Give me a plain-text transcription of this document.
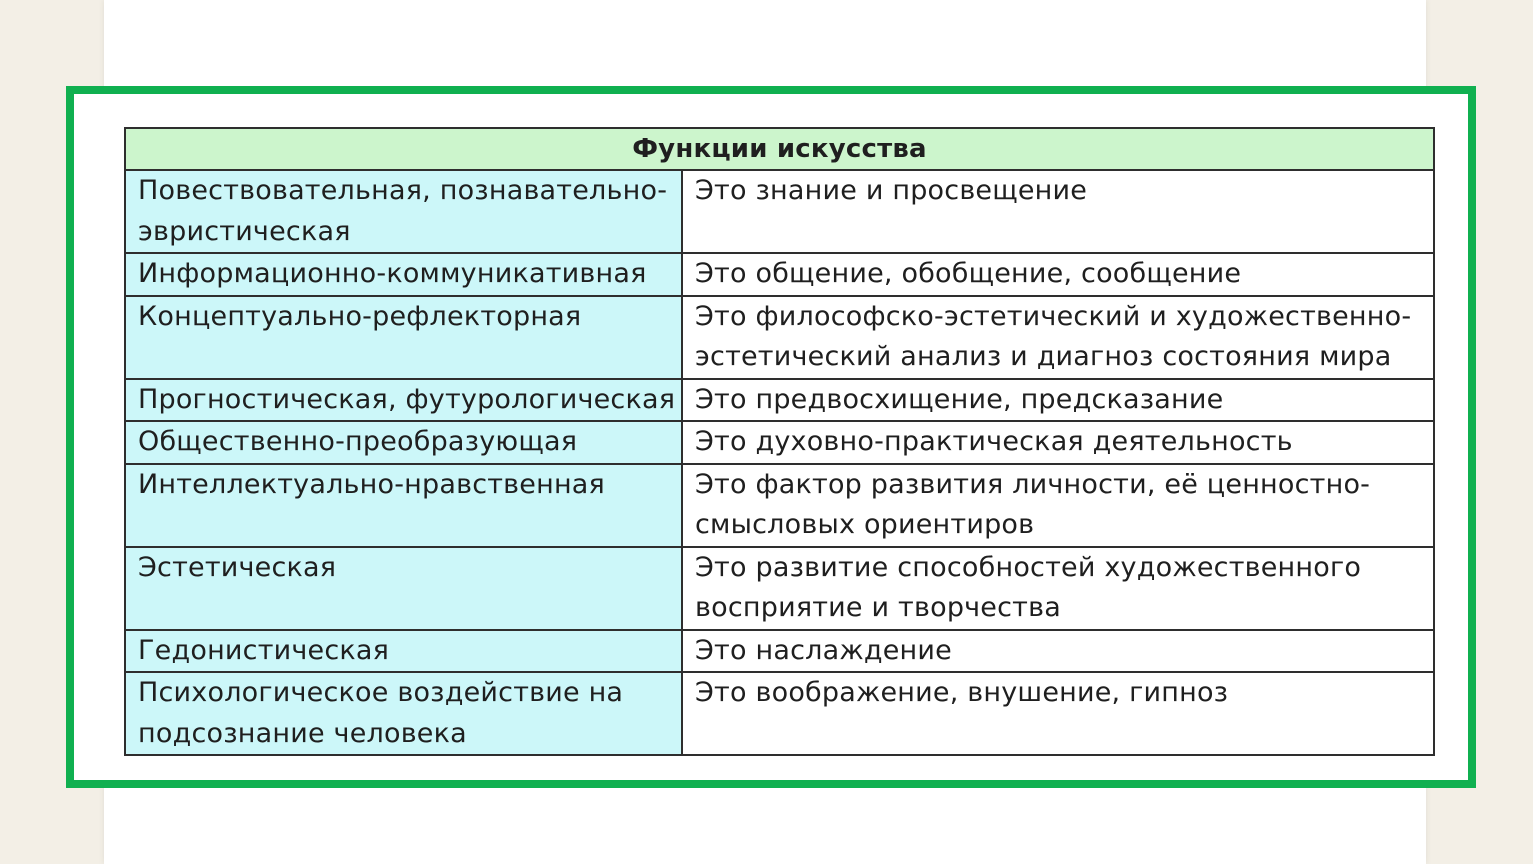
Функции искусства	

Повествовательная, познавательно-
эвристическая	Это знание и просвещение

Информационно-коммуникативная	Это общение, обобщение, сообщение

Концептуально-рефлекторная	Это философско-эстетический и художественно-
эстетический анализ и диагноз состояния мира

Прогностическая, футурологическая	Это предвосхищение, предсказание

Общественно-преобразующая	Это духовно-практическая деятельность

Интеллектуально-нравственная	Это фактор развития личности, её ценностно-
смысловых ориентиров

Эстетическая	Это развитие способностей художественного
восприятие и творчества

Гедонистическая	Это наслаждение

Психологическое воздействие на
подсознание человека	Это воображение, внушение, гипноз
